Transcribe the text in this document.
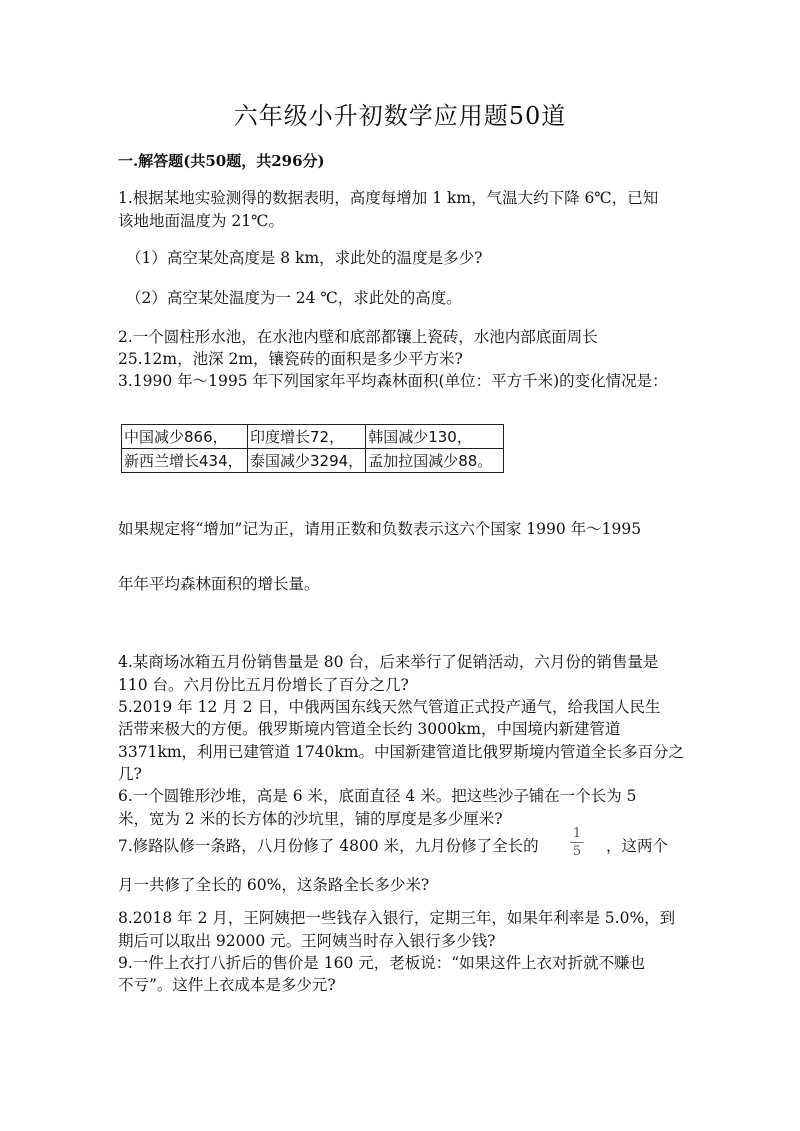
六年级小升初数学应用题50道
一.解答题(共50题，共296分)
1.根据某地实验测得的数据表明，高度每增加 1 km，气温大约下降 6℃，已知
该地地面温度为 21℃。
（1）高空某处高度是 8 km，求此处的温度是多少?
（2）高空某处温度为一 24 ℃，求此处的高度。
2.一个圆柱形水池，在水池内壁和底部都镶上瓷砖，水池内部底面周长
25.12m，池深 2m，镶瓷砖的面积是多少平方米?
3.1990 年～1995 年下列国家年平均森林面积(单位：平方千米)的变化情况是：
中国减少866，	印度增长72，	韩国减少130，
新西兰增长434，	泰国减少3294，	孟加拉国减少88。
如果规定将“增加”记为正，请用正数和负数表示这六个国家 1990 年～1995
年年平均森林面积的增长量。
4.某商场冰箱五月份销售量是 80 台，后来举行了促销活动，六月份的销售量是
110 台。六月份比五月份增长了百分之几?
5.2019 年 12 月 2 日，中俄两国东线天然气管道正式投产通气，给我国人民生
活带来极大的方便。俄罗斯境内管道全长约 3000km，中国境内新建管道
3371km，利用已建管道 1740km。中国新建管道比俄罗斯境内管道全长多百分之
几?
6.一个圆锥形沙堆，高是 6 米，底面直径 4 米。把这些沙子铺在一个长为 5
米，宽为 2 米的长方体的沙坑里，铺的厚度是多少厘米?
7.修路队修一条路，八月份修了 4800 米，九月份修了全长的
1
5 ，这两个
月一共修了全长的 60%，这条路全长多少米?
8.2018 年 2 月，王阿姨把一些钱存入银行，定期三年，如果年利率是 5.0%，到
期后可以取出 92000 元。王阿姨当时存入银行多少钱?
9.一件上衣打八折后的售价是 160 元，老板说：“如果这件上衣对折就不赚也
不亏”。这件上衣成本是多少元?
